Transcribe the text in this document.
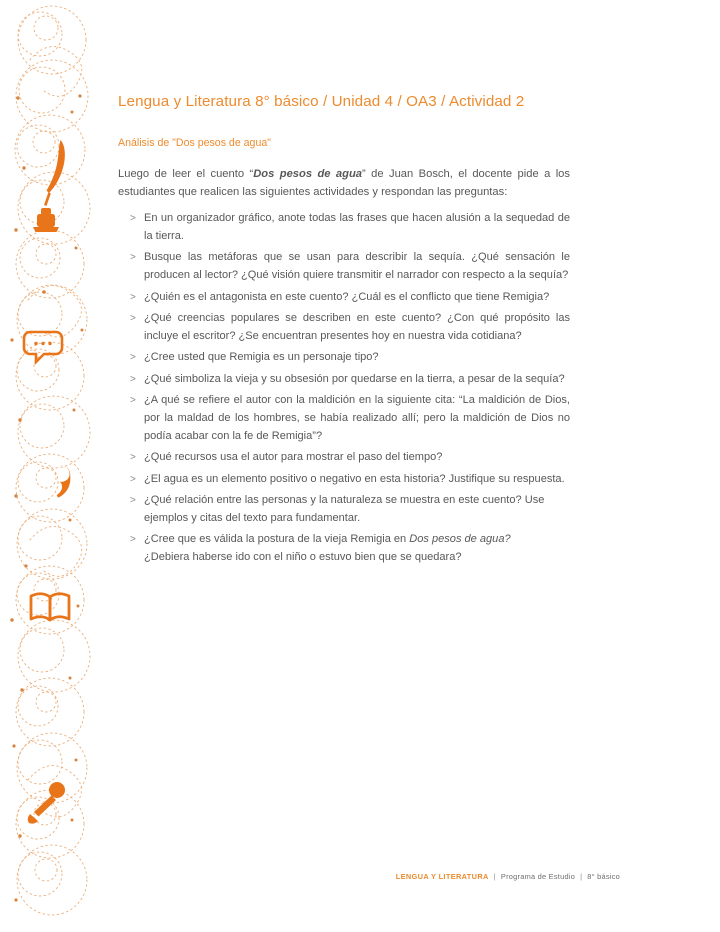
Lengua y Literatura 8° básico / Unidad 4 / OA3 / Actividad 2
Análisis de "Dos pesos de agua"

Luego de leer el cuento “Dos pesos de agua” de Juan Bosch, el docente pide a los estudiantes que realicen las siguientes actividades y respondan las preguntas:

> En un organizador gráfico, anote todas las frases que hacen alusión a la sequedad de la tierra.
> Busque las metáforas que se usan para describir la sequía. ¿Qué sensación le producen al lector? ¿Qué visión quiere transmitir el narrador con respecto a la sequía?
> ¿Quién es el antagonista en este cuento? ¿Cuál es el conflicto que tiene Remigia?
> ¿Qué creencias populares se describen en este cuento? ¿Con qué propósito las incluye el escritor? ¿Se encuentran presentes hoy en nuestra vida cotidiana?
> ¿Cree usted que Remigia es un personaje tipo?
> ¿Qué simboliza la vieja y su obsesión por quedarse en la tierra, a pesar de la sequía?
> ¿A qué se refiere el autor con la maldición en la siguiente cita: “La maldición de Dios, por la maldad de los hombres, se había realizado allí; pero la maldición de Dios no podía acabar con la fe de Remigia”?
> ¿Qué recursos usa el autor para mostrar el paso del tiempo?
> ¿El agua es un elemento positivo o negativo en esta historia? Justifique su respuesta.
> ¿Qué relación entre las personas y la naturaleza se muestra en este cuento? Use ejemplos y citas del texto para fundamentar.
> ¿Cree que es válida la postura de la vieja Remigia en Dos pesos de agua?
¿Debiera haberse ido con el niño o estuvo bien que se quedara?
LENGUA Y LITERATURA | Programa de Estudio | 8° básico
